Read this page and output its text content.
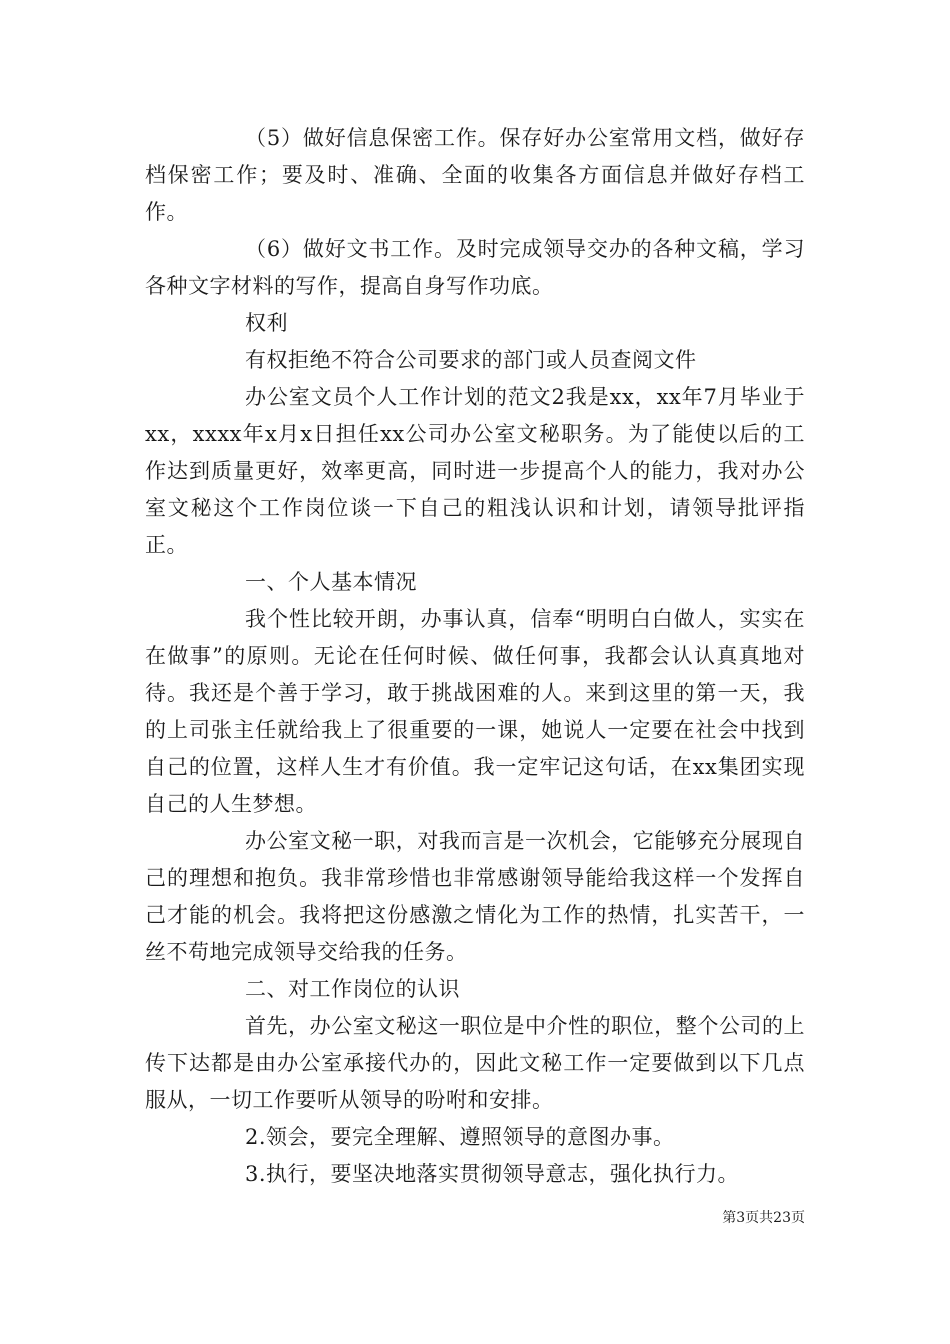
（5）做好信息保密工作。保存好办公室常用文档，做好存档保密工作；要及时、准确、全面的收集各方面信息并做好存档工作。

（6）做好文书工作。及时完成领导交办的各种文稿，学习各种文字材料的写作，提高自身写作功底。

权利

有权拒绝不符合公司要求的部门或人员查阅文件

办公室文员个人工作计划的范文2我是xx，xx年7月毕业于xx，xxxx年x月x日担任xx公司办公室文秘职务。为了能使以后的工作达到质量更好，效率更高，同时进一步提高个人的能力，我对办公室文秘这个工作岗位谈一下自己的粗浅认识和计划，请领导批评指正。

一、个人基本情况

我个性比较开朗，办事认真，信奉“明明白白做人，实实在在做事”的原则。无论在任何时候、做任何事，我都会认认真真地对待。我还是个善于学习，敢于挑战困难的人。来到这里的第一天，我的上司张主任就给我上了很重要的一课，她说人一定要在社会中找到自己的位置，这样人生才有价值。我一定牢记这句话，在xx集团实现自己的人生梦想。

办公室文秘一职，对我而言是一次机会，它能够充分展现自己的理想和抱负。我非常珍惜也非常感谢领导能给我这样一个发挥自己才能的机会。我将把这份感激之情化为工作的热情，扎实苦干，一丝不苟地完成领导交给我的任务。

二、对工作岗位的认识

首先，办公室文秘这一职位是中介性的职位，整个公司的上传下达都是由办公室承接代办的，因此文秘工作一定要做到以下几点服从，一切工作要听从领导的吩咐和安排。

2.领会，要完全理解、遵照领导的意图办事。

3.执行，要坚决地落实贯彻领导意志，强化执行力。

第3页共23页
